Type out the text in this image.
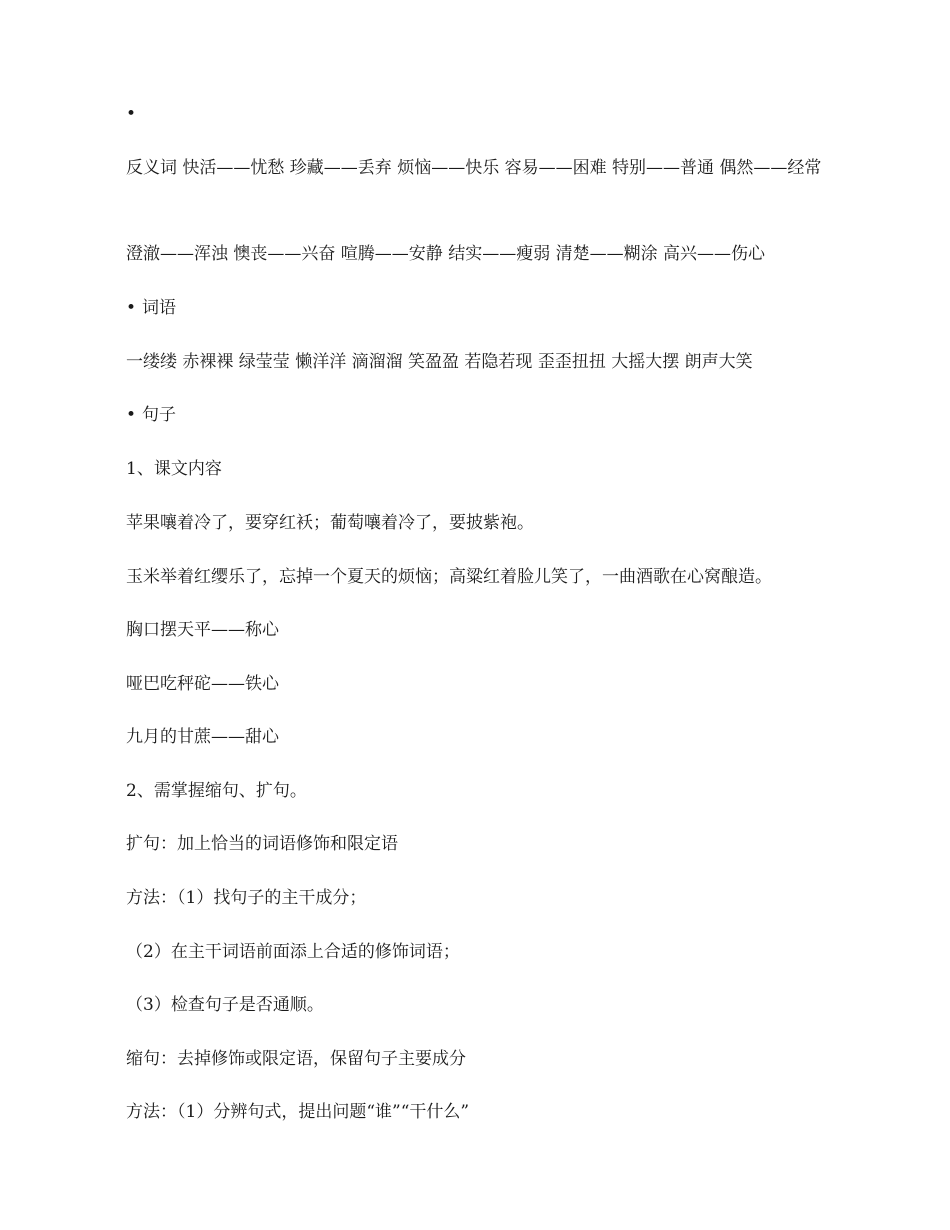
•
反义词 快活——忧愁 珍藏——丢弃 烦恼——快乐 容易——困难 特别——普通 偶然——经常
澄澈——浑浊 懊丧——兴奋 喧腾——安静 结实——瘦弱 清楚——糊涂 高兴——伤心
• 词语
一缕缕 赤裸裸 绿莹莹 懒洋洋 滴溜溜 笑盈盈 若隐若现 歪歪扭扭 大摇大摆 朗声大笑
• 句子
1、课文内容
苹果嚷着冷了，要穿红袄；葡萄嚷着冷了，要披紫袍。
玉米举着红缨乐了，忘掉一个夏天的烦恼；高粱红着脸儿笑了，一曲酒歌在心窝酿造。
胸口摆天平——称心
哑巴吃秤砣——铁心
九月的甘蔗——甜心
2、需掌握缩句、扩句。
扩句：加上恰当的词语修饰和限定语
方法：（1）找句子的主干成分；
（2）在主干词语前面添上合适的修饰词语；
（3）检查句子是否通顺。
缩句：去掉修饰或限定语，保留句子主要成分
方法：（1）分辨句式，提出问题“谁”“干什么”
